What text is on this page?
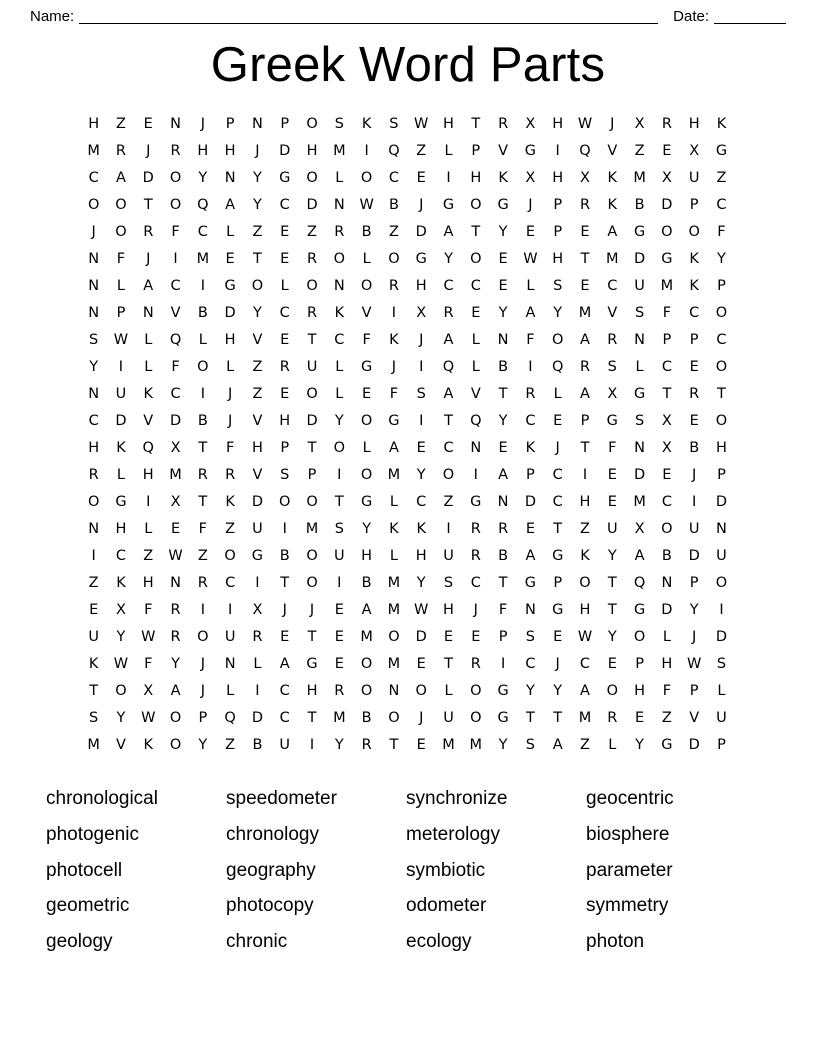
Name:	Date:
Greek Word Parts
H	Z	E	N	J	P	N	P	O	S	K	S	W	H	T	R	X	H	W	J	X	R	H	K
M	R	J	R	H	H	J	D	H	M	I	Q	Z	L	P	V	G	I	Q	V	Z	E	X	G
C	A	D	O	Y	N	Y	G	O	L	O	C	E	I	H	K	X	H	X	K	M	X	U	Z
O	O	T	O	Q	A	Y	C	D	N	W	B	J	G	O	G	J	P	R	K	B	D	P	C
J	O	R	F	C	L	Z	E	Z	R	B	Z	D	A	T	Y	E	P	E	A	G	O	O	F
N	F	J	I	M	E	T	E	R	O	L	O	G	Y	O	E	W	H	T	M	D	G	K	Y
N	L	A	C	I	G	O	L	O	N	O	R	H	C	C	E	L	S	E	C	U	M	K	P
N	P	N	V	B	D	Y	C	R	K	V	I	X	R	E	Y	A	Y	M	V	S	F	C	O
S	W	L	Q	L	H	V	E	T	C	F	K	J	A	L	N	F	O	A	R	N	P	P	C
Y	I	L	F	O	L	Z	R	U	L	G	J	I	Q	L	B	I	Q	R	S	L	C	E	O
N	U	K	C	I	J	Z	E	O	L	E	F	S	A	V	T	R	L	A	X	G	T	R	T
C	D	V	D	B	J	V	H	D	Y	O	G	I	T	Q	Y	C	E	P	G	S	X	E	O
H	K	Q	X	T	F	H	P	T	O	L	A	E	C	N	E	K	J	T	F	N	X	B	H
R	L	H	M	R	R	V	S	P	I	O	M	Y	O	I	A	P	C	I	E	D	E	J	P
O	G	I	X	T	K	D	O	O	T	G	L	C	Z	G	N	D	C	H	E	M	C	I	D
N	H	L	E	F	Z	U	I	M	S	Y	K	K	I	R	R	E	T	Z	U	X	O	U	N
I	C	Z	W	Z	O	G	B	O	U	H	L	H	U	R	B	A	G	K	Y	A	B	D	U
Z	K	H	N	R	C	I	T	O	I	B	M	Y	S	C	T	G	P	O	T	Q	N	P	O
E	X	F	R	I	I	X	J	J	E	A	M W	H	J	F	N	G	H	T	G	D	Y	I
U	Y	W	R	O	U	R	E	T	E	M	O	D	E	E	P	S	E	W	Y	O	L	J	D
K	W	F	Y	J	N	L	A	G	E	O	M	E	T	R	I	C	J	C	E	P	H	W	S
T	O	X	A	J	L	I	C	H	R	O	N	O	L	O	G	Y	Y	A	O	H	F	P	L
S	Y	W O	P	Q	D	C	T	M	B	O	J	U	O	G	T	T	M	R	E	Z	V	U
M	V	K	O	Y	Z	B	U	I	Y	R	T	E	M	M	Y	S	A	Z	L	Y	G	D	P
chronological
photogenic
photocell
geometric
geology
speedometer
chronology
geography
photocopy
chronic
synchronize
meterology
symbiotic
odometer
ecology
geocentric
biosphere
parameter
symmetry
photon
